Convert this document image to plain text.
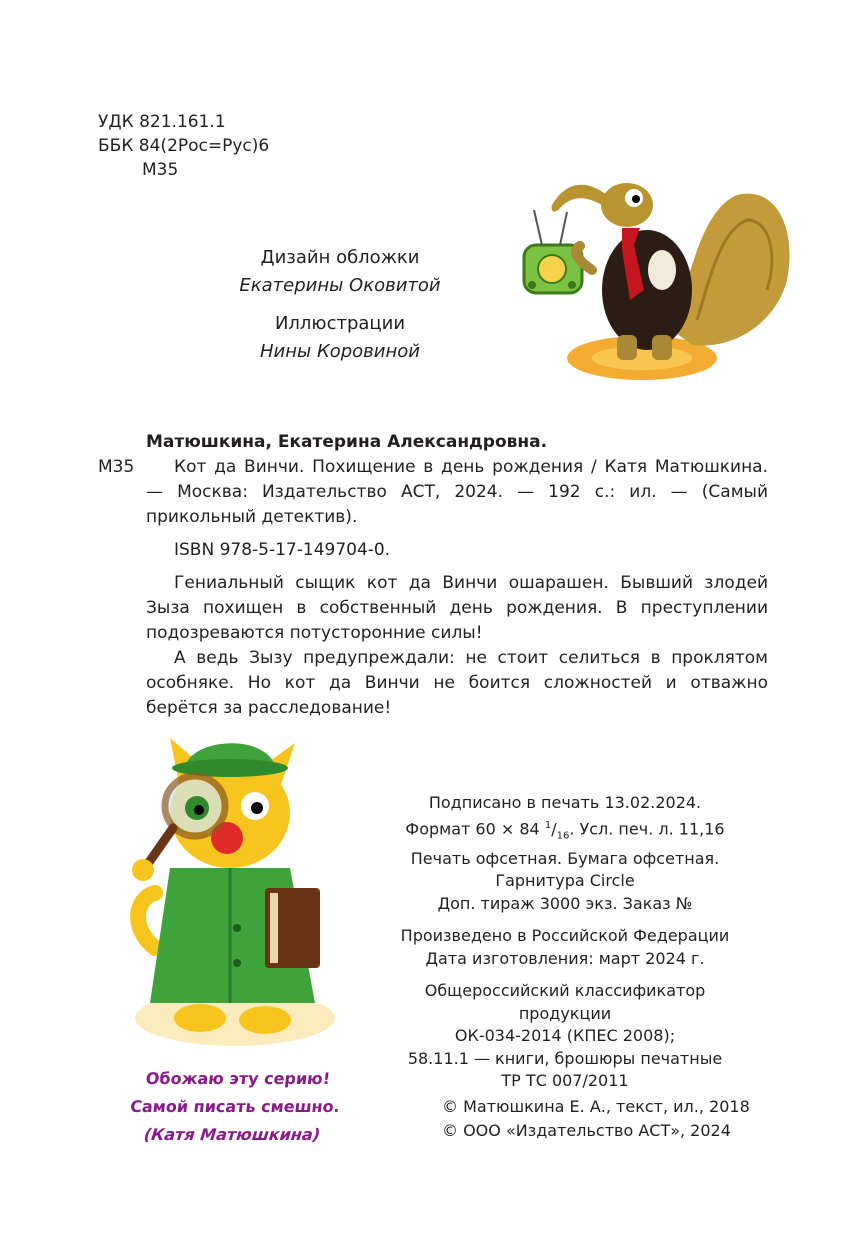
УДК 821.161.1
ББК 84(2Рос=Рус)6
М35
Дизайн обложки
Екатерины Оковитой
Иллюстрации
Нины Коровиной
Матюшкина, Екатерина Александровна.
М35	Кот да Винчи. Похищение в день рождения / Катя Матюшкина. — Москва: Издательство АСТ, 2024. — 192 с.: ил. — (Самый прикольный детектив).

ISBN 978-5-17-149704-0.

Гениальный сыщик кот да Винчи ошарашен. Бывший злодей Зыза похищен в собственный день рождения. В преступлении подозреваются потусторонние силы!

А ведь Зызу предупреждали: не стоит селиться в проклятом особняке. Но кот да Винчи не боится сложностей и отважно берётся за расследование!

Обожаю эту серию!
Самой писать смешно.
(Катя Матюшкина)
Подписано в печать 13.02.2024.
Формат 60 × 84 $^1/_{16}$. Усл. печ. л. 11,16
Печать офсетная. Бумага офсетная.
Гарнитура Circle
Доп. тираж 3000 экз. Заказ №
Произведено в Российской Федерации
Дата изготовления: март 2024 г.
Общероссийский классификатор продукции
ОК-034-2014 (КПЕС 2008);
58.11.1 — книги, брошюры печатные
ТР ТС 007/2011
© Матюшкина Е. А., текст, ил., 2018
© ООО «Издательство АСТ», 2024
